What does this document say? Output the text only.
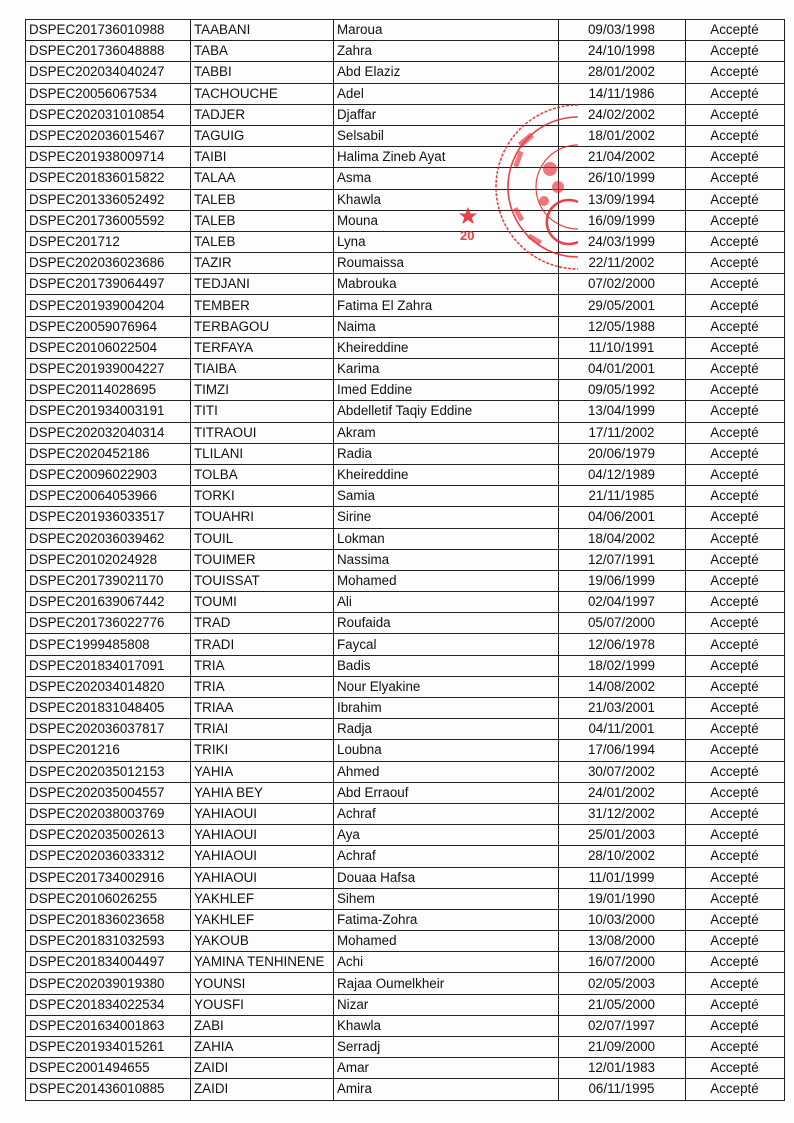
DSPEC201736010988	TAABANI	Maroua	09/03/1998	Accepté
DSPEC201736048888	TABA	Zahra	24/10/1998	Accepté
DSPEC202034040247	TABBI	Abd Elaziz	28/01/2002	Accepté
DSPEC20056067534	TACHOUCHE	Adel	14/11/1986	Accepté
DSPEC202031010854	TADJER	Djaffar	24/02/2002	Accepté
DSPEC202036015467	TAGUIG	Selsabil	18/01/2002	Accepté
DSPEC201938009714	TAIBI	Halima Zineb Ayat	21/04/2002	Accepté
DSPEC201836015822	TALAA	Asma	26/10/1999	Accepté
DSPEC201336052492	TALEB	Khawla	13/09/1994	Accepté
DSPEC201736005592	TALEB	Mouna	16/09/1999	Accepté
DSPEC201712	TALEB	Lyna	24/03/1999	Accepté
DSPEC202036023686	TAZIR	Roumaissa	22/11/2002	Accepté
DSPEC201739064497	TEDJANI	Mabrouka	07/02/2000	Accepté
DSPEC201939004204	TEMBER	Fatima El Zahra	29/05/2001	Accepté
DSPEC20059076964	TERBAGOU	Naima	12/05/1988	Accepté
DSPEC20106022504	TERFAYA	Kheireddine	11/10/1991	Accepté
DSPEC201939004227	TIAIBA	Karima	04/01/2001	Accepté
DSPEC20114028695	TIMZI	Imed Eddine	09/05/1992	Accepté
DSPEC201934003191	TITI	Abdelletif Taqiy Eddine	13/04/1999	Accepté
DSPEC202032040314	TITRAOUI	Akram	17/11/2002	Accepté
DSPEC2020452186	TLILANI	Radia	20/06/1979	Accepté
DSPEC20096022903	TOLBA	Kheireddine	04/12/1989	Accepté
DSPEC20064053966	TORKI	Samia	21/11/1985	Accepté
DSPEC201936033517	TOUAHRI	Sirine	04/06/2001	Accepté
DSPEC202036039462	TOUIL	Lokman	18/04/2002	Accepté
DSPEC20102024928	TOUIMER	Nassima	12/07/1991	Accepté
DSPEC201739021170	TOUISSAT	Mohamed	19/06/1999	Accepté
DSPEC201639067442	TOUMI	Ali	02/04/1997	Accepté
DSPEC201736022776	TRAD	Roufaida	05/07/2000	Accepté
DSPEC1999485808	TRADI	Faycal	12/06/1978	Accepté
DSPEC201834017091	TRIA	Badis	18/02/1999	Accepté
DSPEC202034014820	TRIA	Nour Elyakine	14/08/2002	Accepté
DSPEC201831048405	TRIAA	Ibrahim	21/03/2001	Accepté
DSPEC202036037817	TRIAI	Radja	04/11/2001	Accepté
DSPEC201216	TRIKI	Loubna	17/06/1994	Accepté
DSPEC202035012153	YAHIA	Ahmed	30/07/2002	Accepté
DSPEC202035004557	YAHIA BEY	Abd Erraouf	24/01/2002	Accepté
DSPEC202038003769	YAHIAOUI	Achraf	31/12/2002	Accepté
DSPEC202035002613	YAHIAOUI	Aya	25/01/2003	Accepté
DSPEC202036033312	YAHIAOUI	Achraf	28/10/2002	Accepté
DSPEC201734002916	YAHIAOUI	Douaa Hafsa	11/01/1999	Accepté
DSPEC20106026255	YAKHLEF	Sihem	19/01/1990	Accepté
DSPEC201836023658	YAKHLEF	Fatima-Zohra	10/03/2000	Accepté
DSPEC201831032593	YAKOUB	Mohamed	13/08/2000	Accepté
DSPEC201834004497	YAMINA TENHINENE	Achi	16/07/2000	Accepté
DSPEC202039019380	YOUNSI	Rajaa Oumelkheir	02/05/2003	Accepté
DSPEC201834022534	YOUSFI	Nizar	21/05/2000	Accepté
DSPEC201634001863	ZABI	Khawla	02/07/1997	Accepté
DSPEC201934015261	ZAHIA	Serradj	21/09/2000	Accepté
DSPEC2001494655	ZAIDI	Amar	12/01/1983	Accepté
DSPEC201436010885	ZAIDI	Amira	06/11/1995	Accepté
20
